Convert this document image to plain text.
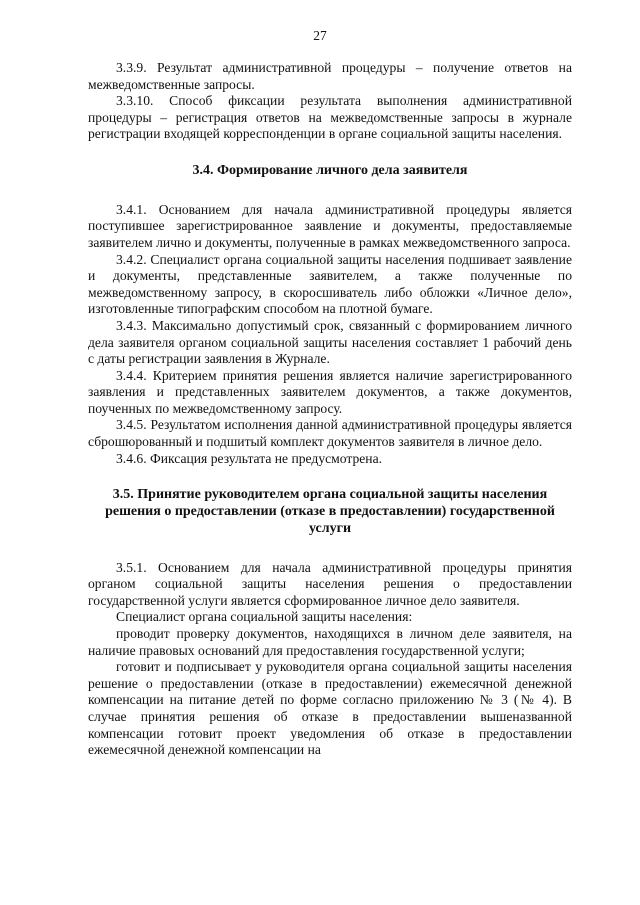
27

3.3.9. Результат административной процедуры – получение ответов на межведомственные запросы.

3.3.10. Способ фиксации результата выполнения административной процедуры – регистрация ответов на межведомственные запросы в журнале регистрации входящей корреспонденции в органе социальной защиты населения.

3.4. Формирование личного дела заявителя

3.4.1. Основанием для начала административной процедуры является поступившее зарегистрированное заявление и документы, предоставляемые заявителем лично и документы, полученные в рамках межведомственного запроса.

3.4.2. Специалист органа социальной защиты населения подшивает заявление и документы, представленные заявителем, а также полученные по межведомственному запросу, в скоросшиватель либо обложки «Личное дело», изготовленные типографским способом на плотной бумаге.

3.4.3. Максимально допустимый срок, связанный с формированием личного дела заявителя органом социальной защиты населения составляет 1 рабочий день с даты регистрации заявления в Журнале.

3.4.4. Критерием принятия решения является наличие зарегистрированного заявления и представленных заявителем документов, а также документов, поученных по межведомственному запросу.

3.4.5. Результатом исполнения данной административной процедуры является сброшюрованный и подшитый комплект документов заявителя в личное дело.

3.4.6. Фиксация результата не предусмотрена.

3.5. Принятие руководителем органа социальной защиты населения решения о предоставлении (отказе в предоставлении) государственной услуги

3.5.1. Основанием для начала административной процедуры принятия органом социальной защиты населения решения о предоставлении государственной услуги является сформированное личное дело заявителя.

Специалист органа социальной защиты населения:

проводит проверку документов, находящихся в личном деле заявителя, на наличие правовых оснований для предоставления государственной услуги;

готовит и подписывает у руководителя органа социальной защиты населения решение о предоставлении (отказе в предоставлении) ежемесячной денежной компенсации на питание детей по форме согласно приложению № 3 (№ 4). В случае принятия решения об отказе в предоставлении вышеназванной компенсации готовит проект уведомления об отказе в предоставлении ежемесячной денежной компенсации на
